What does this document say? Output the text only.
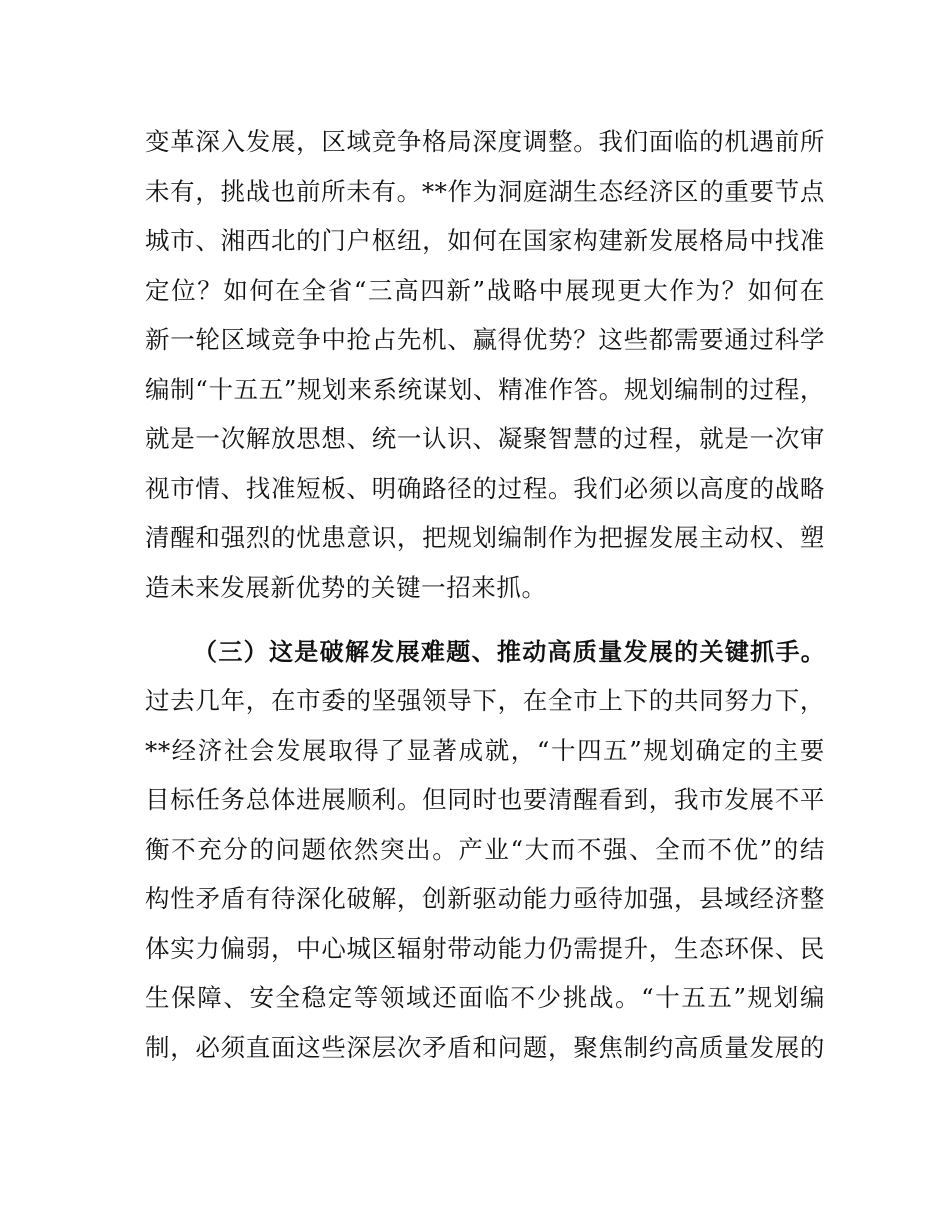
变革深入发展，区域竞争格局深度调整。我们面临的机遇前所
未有，挑战也前所未有。**作为洞庭湖生态经济区的重要节点
城市、湘西北的门户枢纽，如何在国家构建新发展格局中找准
定位？如何在全省“三高四新”战略中展现更大作为？如何在
新一轮区域竞争中抢占先机、赢得优势？这些都需要通过科学
编制“十五五”规划来系统谋划、精准作答。规划编制的过程，
就是一次解放思想、统一认识、凝聚智慧的过程，就是一次审
视市情、找准短板、明确路径的过程。我们必须以高度的战略
清醒和强烈的忧患意识，把规划编制作为把握发展主动权、塑
造未来发展新优势的关键一招来抓。
（三）这是破解发展难题、推动高质量发展的关键抓手。
过去几年，在市委的坚强领导下，在全市上下的共同努力下，
**经济社会发展取得了显著成就，“十四五”规划确定的主要
目标任务总体进展顺利。但同时也要清醒看到，我市发展不平
衡不充分的问题依然突出。产业“大而不强、全而不优”的结
构性矛盾有待深化破解，创新驱动能力亟待加强，县域经济整
体实力偏弱，中心城区辐射带动能力仍需提升，生态环保、民
生保障、安全稳定等领域还面临不少挑战。“十五五”规划编
制，必须直面这些深层次矛盾和问题，聚焦制约高质量发展的
